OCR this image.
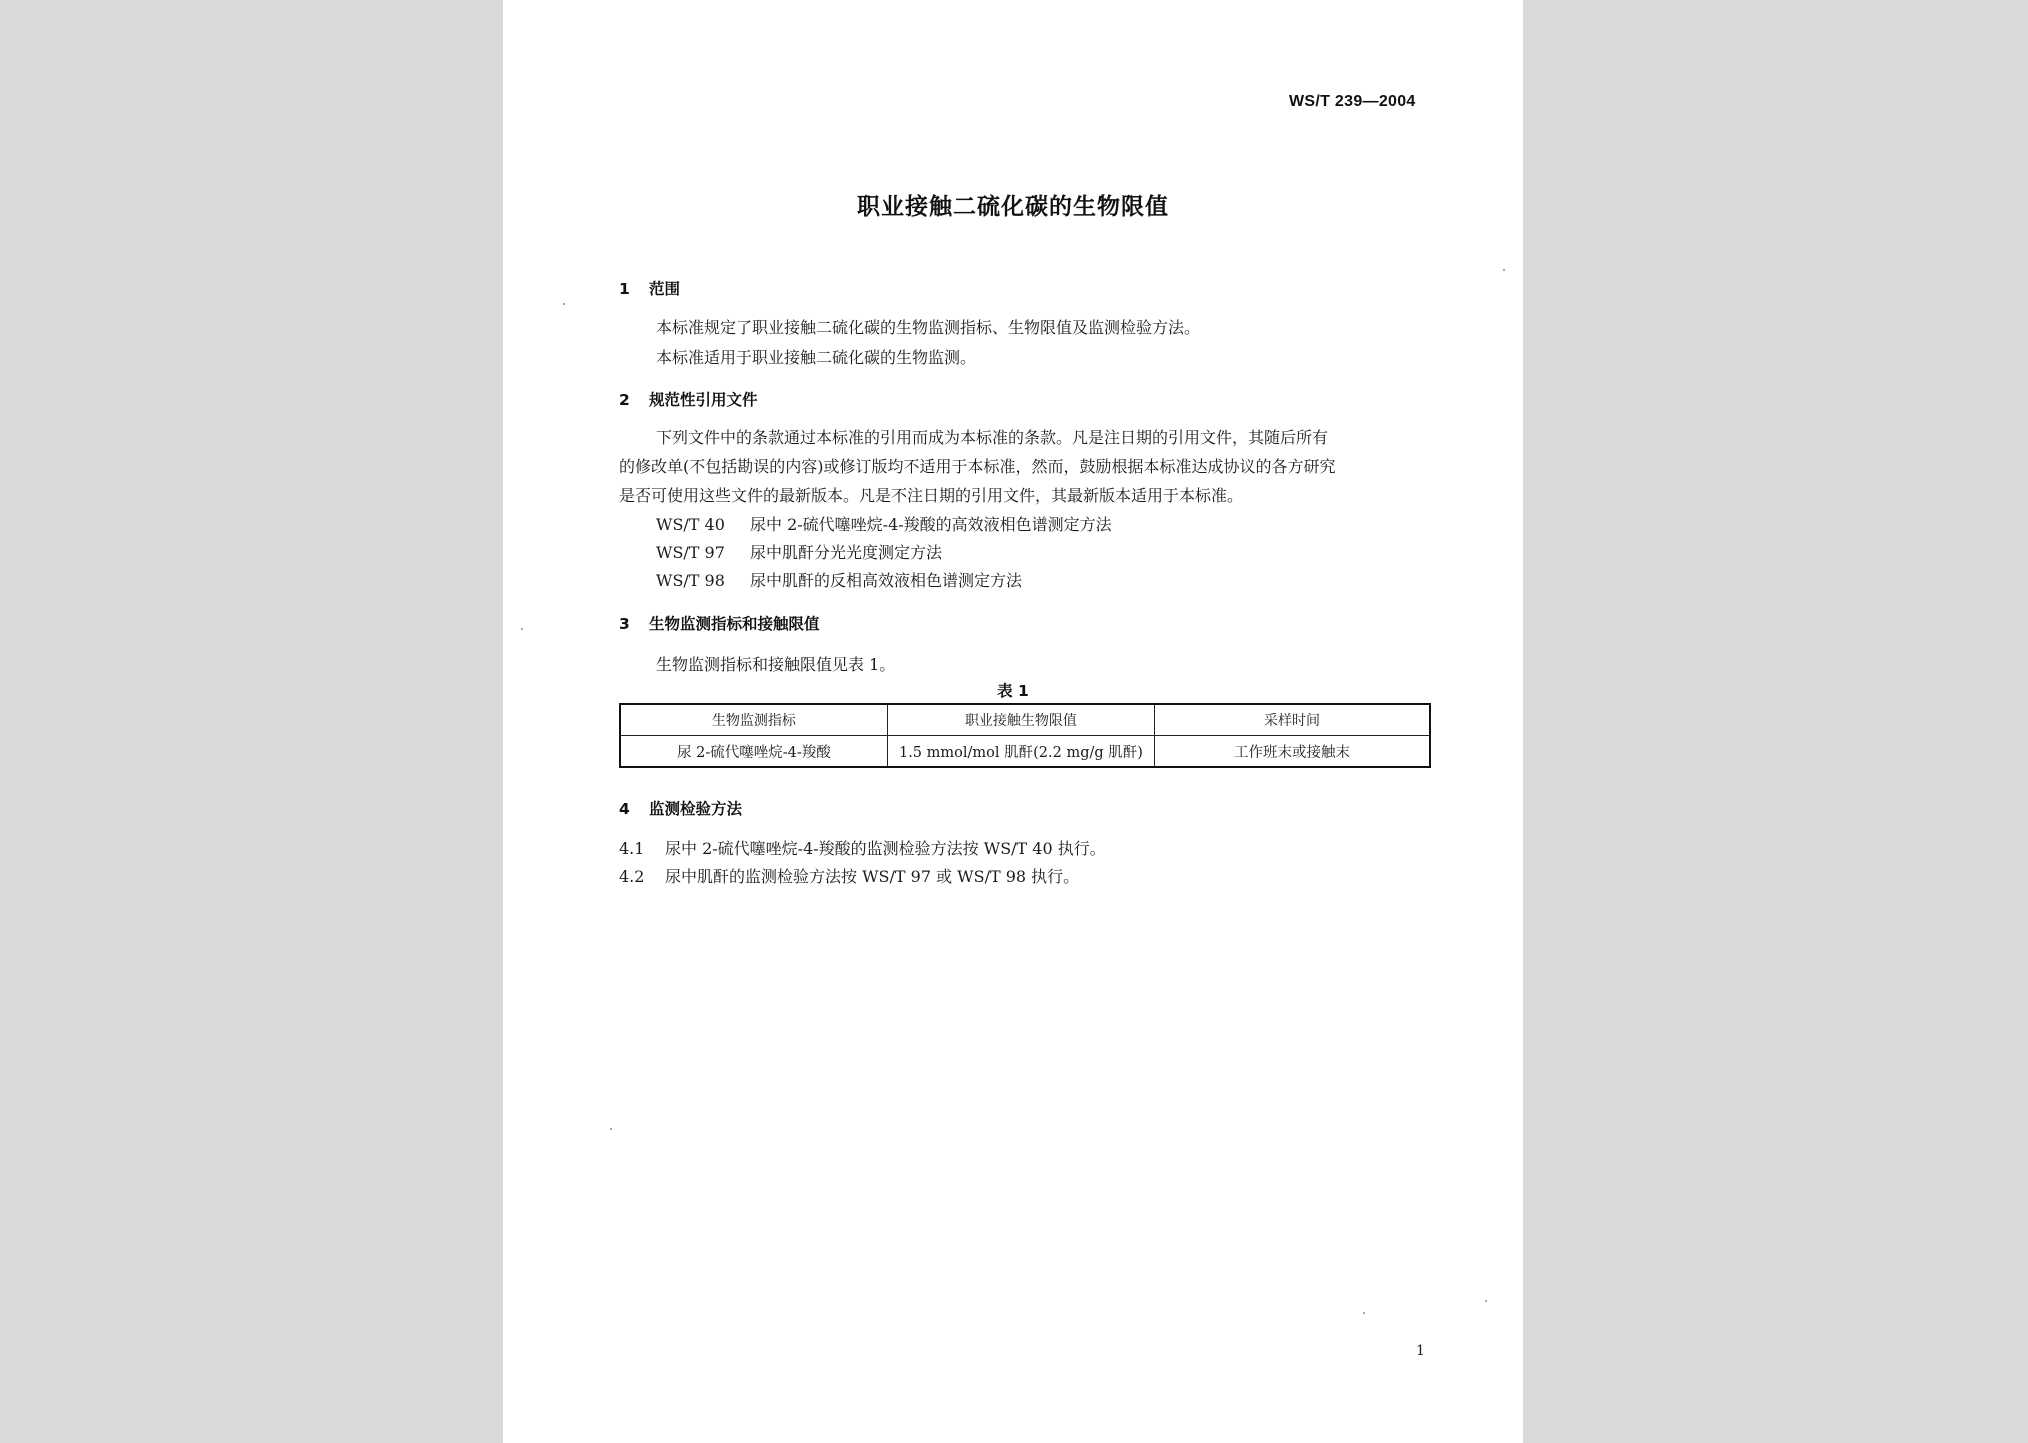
WS/T 239—2004
职业接触二硫化碳的生物限值
1 范围
本标准规定了职业接触二硫化碳的生物监测指标、生物限值及监测检验方法。
本标准适用于职业接触二硫化碳的生物监测。
2 规范性引用文件
下列文件中的条款通过本标准的引用而成为本标准的条款。凡是注日期的引用文件，其随后所有
的修改单(不包括勘误的内容)或修订版均不适用于本标准，然而，鼓励根据本标准达成协议的各方研究
是否可使用这些文件的最新版本。凡是不注日期的引用文件，其最新版本适用于本标准。
WS/T 40 尿中 2-硫代噻唑烷-4-羧酸的高效液相色谱测定方法
WS/T 97 尿中肌酐分光光度测定方法
WS/T 98 尿中肌酐的反相高效液相色谱测定方法
3 生物监测指标和接触限值
生物监测指标和接触限值见表 1。
表 1
生物监测指标	职业接触生物限值	采样时间
尿 2-硫代噻唑烷-4-羧酸	1.5 mmol/mol 肌酐(2.2 mg/g 肌酐)	工作班末或接触末
4 监测检验方法
4.1 尿中 2-硫代噻唑烷-4-羧酸的监测检验方法按 WS/T 40 执行。
4.2 尿中肌酐的监测检验方法按 WS/T 97 或 WS/T 98 执行。
1
